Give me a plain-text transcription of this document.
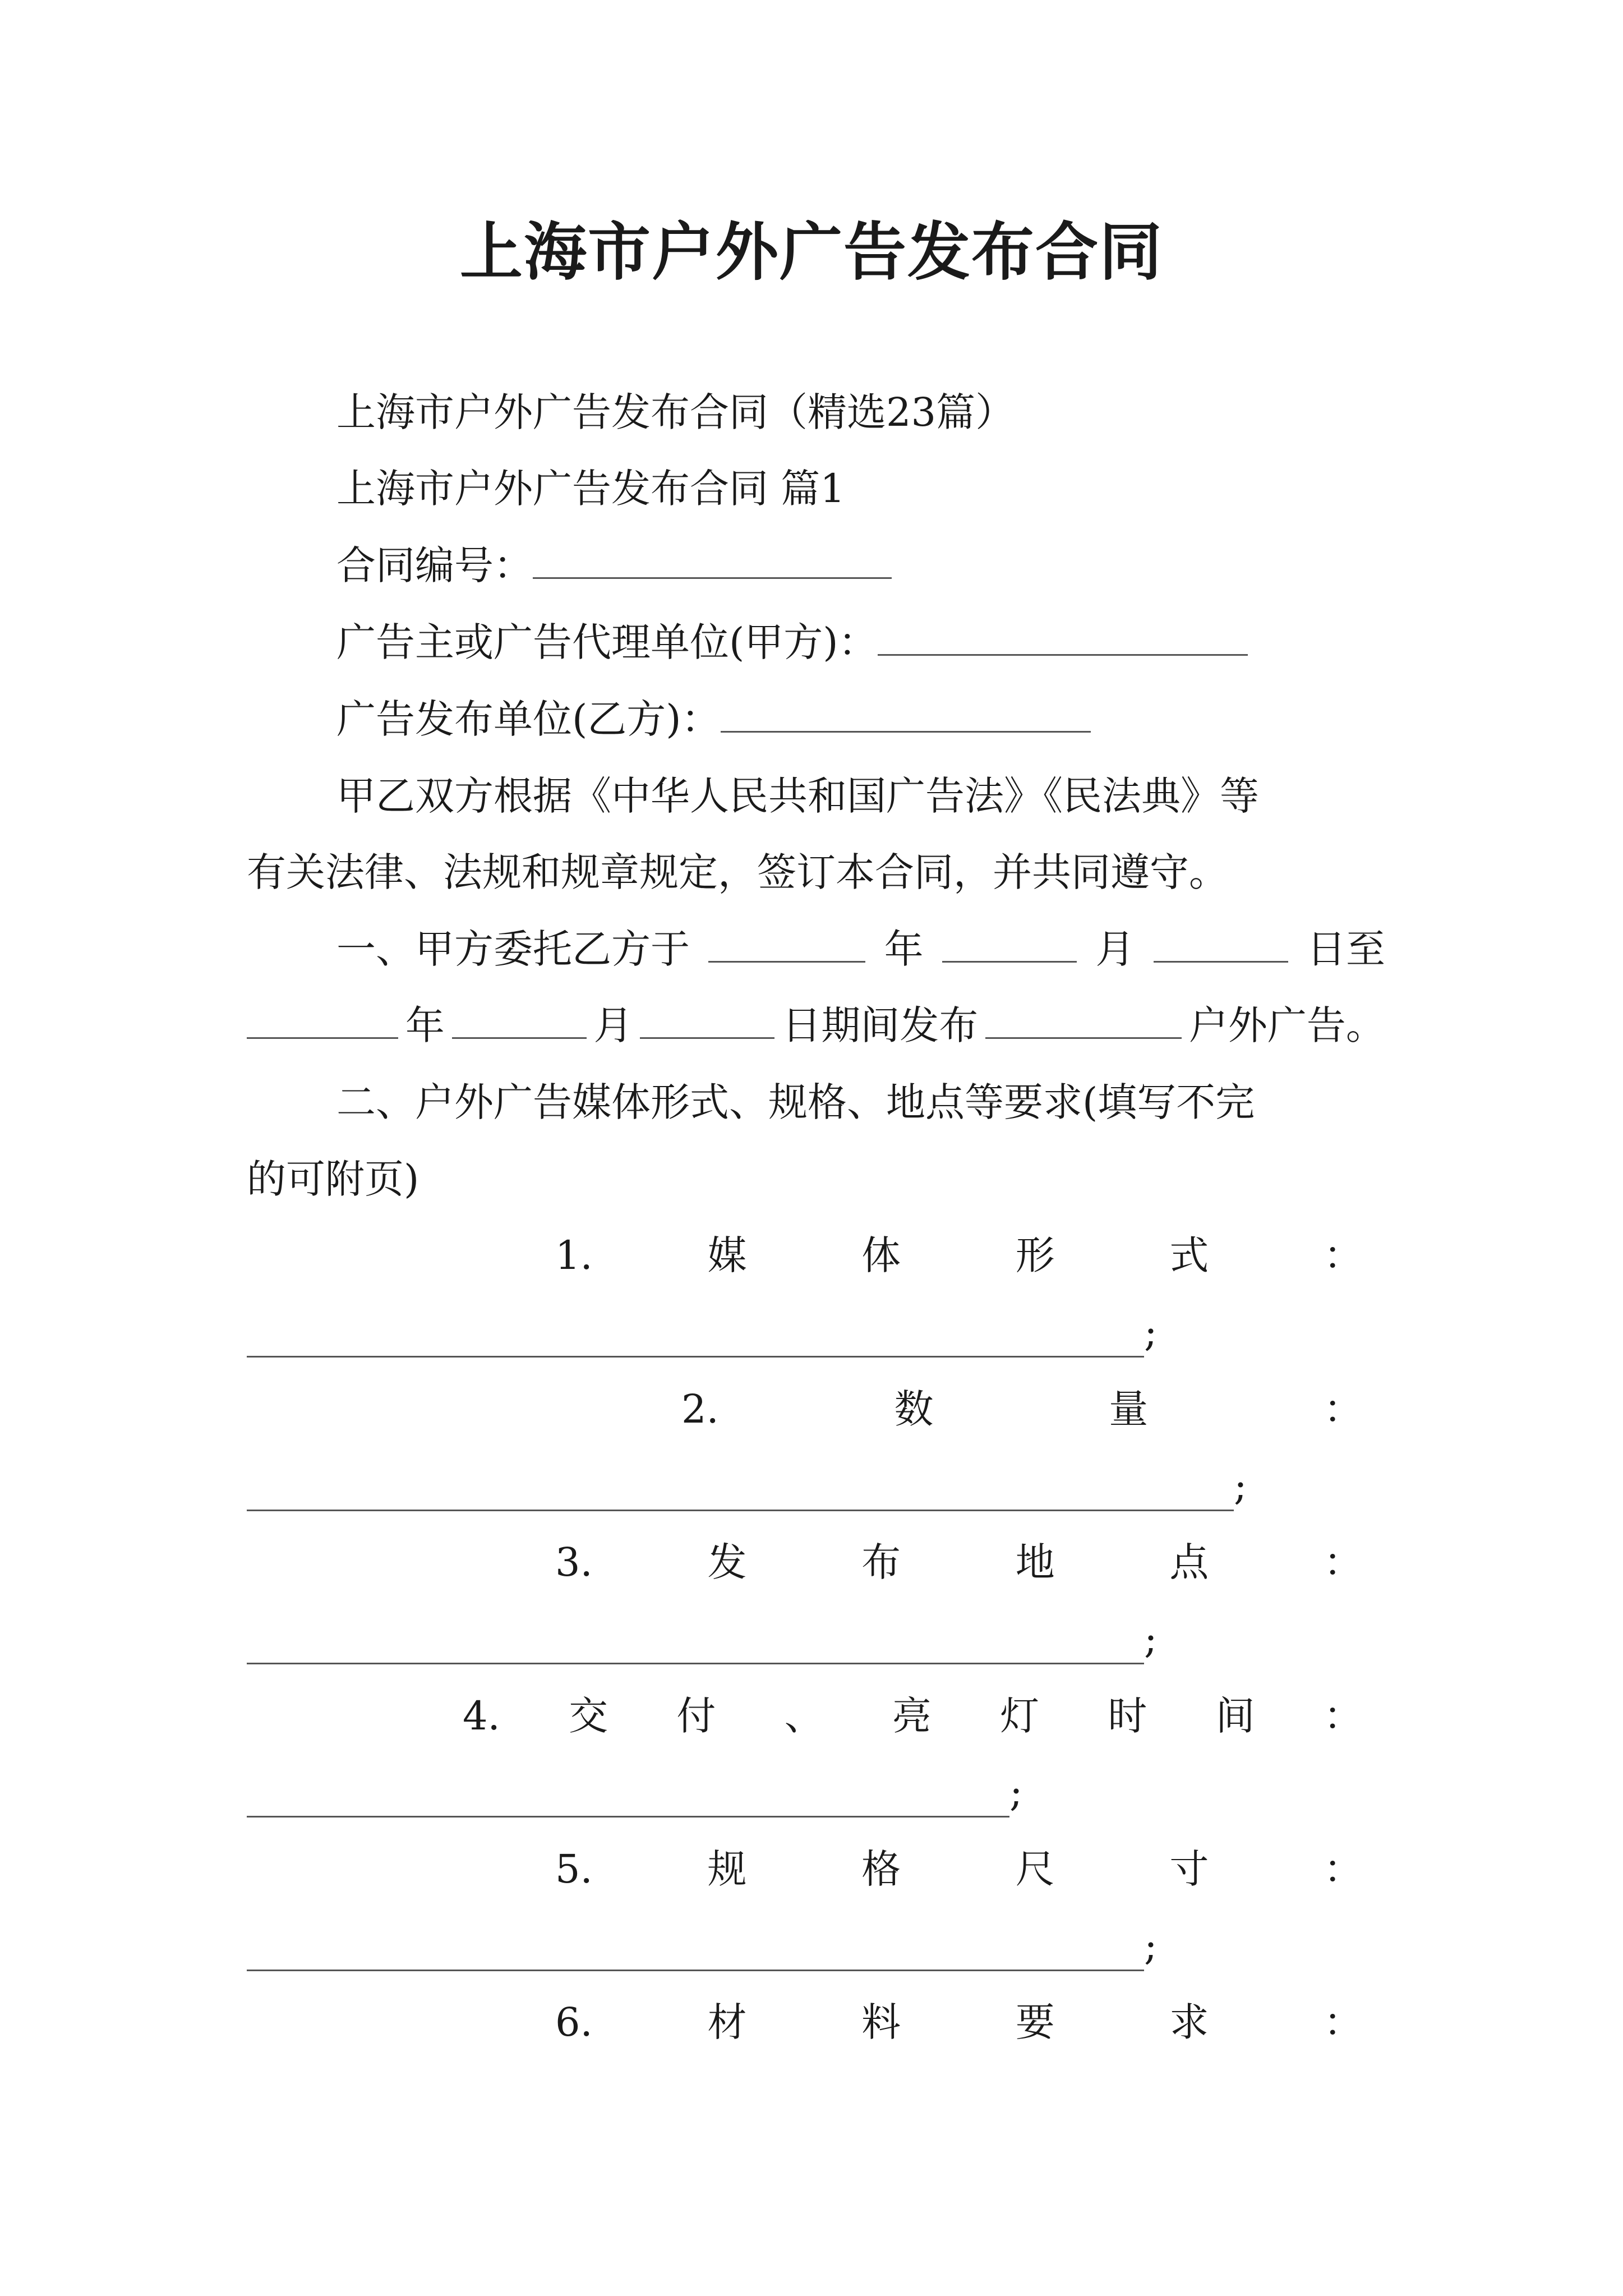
上海市户外广告发布合同
上海市户外广告发布合同（精选23篇）
上海市户外广告发布合同 篇1
合同编号：
广告主或广告代理单位(甲方)：
广告发布单位(乙方)：
甲乙双方根据《中华人民共和国广告法》《民法典》等
有关法律、法规和规章规定，签订本合同，并共同遵守。
一、甲方委托乙方于	年	月	日至
年	月	日期间发布	户外广告。
二、户外广告媒体形式、规格、地点等要求(填写不完
的可附页)
1.	媒	体	形	式	：
;
2.	数	量	：
;
3.	发	布	地	点	：
;
4. 交 付 、 亮 灯 时 间 ：
;
5.	规	格	尺	寸	：
;
6.	材	料	要	求	：
